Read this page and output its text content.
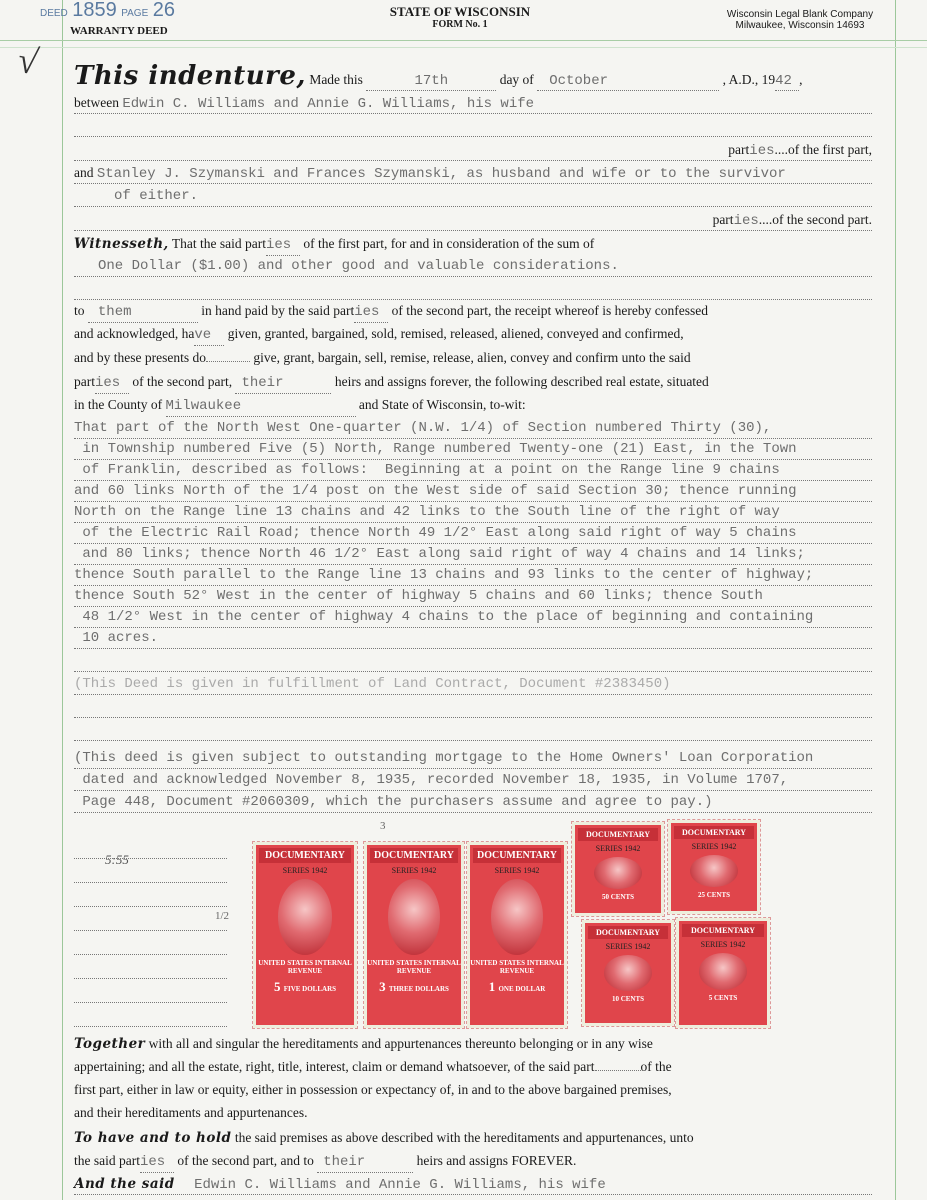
DEED 1859 PAGE 26
WARRANTY DEED
STATE OF WISCONSIN
FORM No. 1
Wisconsin Legal Blank Company
Milwaukee, Wisconsin 14693
√ This indenture, Made this	17th	day of October	, A.D., 1942 ,
between Edwin C. Williams and Annie G. Williams, his wife
parties....of the first part,
and Stanley J. Szymanski and Frances Szymanski, as husband and wife or to the survivor
of either.
parties....of the second part.
Witnesseth, That the said parties of the first part, for and in consideration of the sum of
One Dollar ($1.00) and other good and valuable considerations.
to them	in hand paid by the said parties of the second part, the receipt whereof is hereby confessed
and acknowledged, have given, granted, bargained, sold, remised, released, aliened, conveyed and confirmed,
and by these presents do	give, grant, bargain, sell, remise, release, alien, convey and confirm unto the said
parties of the second part, their	heirs and assigns forever, the following described real estate, situated
in the County of Milwaukee	and State of Wisconsin, to-wit:
That part of the North West One-quarter (N.W. 1/4) of Section numbered Thirty (30),
in Township numbered Five (5) North, Range numbered Twenty-one (21) East, in the Town
of Franklin, described as follows:  Beginning at a point on the Range line 9 chains
and 60 links North of the 1/4 post on the West side of said Section 30; thence running
North on the Range line 13 chains and 42 links to the South line of the right of way
of the Electric Rail Road; thence North 49 1/2° East along said right of way 5 chains
and 80 links; thence North 46 1/2° East along said right of way 4 chains and 14 links;
thence South parallel to the Range line 13 chains and 93 links to the center of highway;
thence South 52° West in the center of highway 5 chains and 60 links; thence South
48 1/2° West in the center of highway 4 chains to the place of beginning and containing
10 acres.
(This Deed is given in fulfillment of Land Contract, Document #2383450)
(This deed is given subject to outstanding mortgage to the Home Owners' Loan Corporation
dated and acknowledged November 8, 1935, recorded November 18, 1935, in Volume 1707,
Page 448, Document #2060309, which the purchasers assume and agree to pay.)
5:55
1/2
3
DOCUMENTARY
SERIES 1942
UNITED STATES INTERNAL REVENUE
5 FIVE DOLLARS
DOCUMENTARY
SERIES 1942
UNITED STATES INTERNAL REVENUE
3 THREE DOLLARS
DOCUMENTARY
SERIES 1942
UNITED STATES INTERNAL REVENUE
1 ONE DOLLAR
DOCUMENTARY
SERIES 1942
50 CENTS
DOCUMENTARY
SERIES 1942
25 CENTS
DOCUMENTARY
SERIES 1942
10 CENTS
DOCUMENTARY
SERIES 1942
5 CENTS
Together with all and singular the hereditaments and appurtenances thereunto belonging or in any wise
appertaining; and all the estate, right, title, interest, claim or demand whatsoever, of the said part	of the
first part, either in law or equity, either in possession or expectancy of, in and to the above bargained premises,
and their hereditaments and appurtenances.
To have and to hold the said premises as above described with the hereditaments and appurtenances, unto
the said parties of the second part, and to their	heirs and assigns FOREVER.
And the said Edwin C. Williams and Annie G. Williams, his wife
